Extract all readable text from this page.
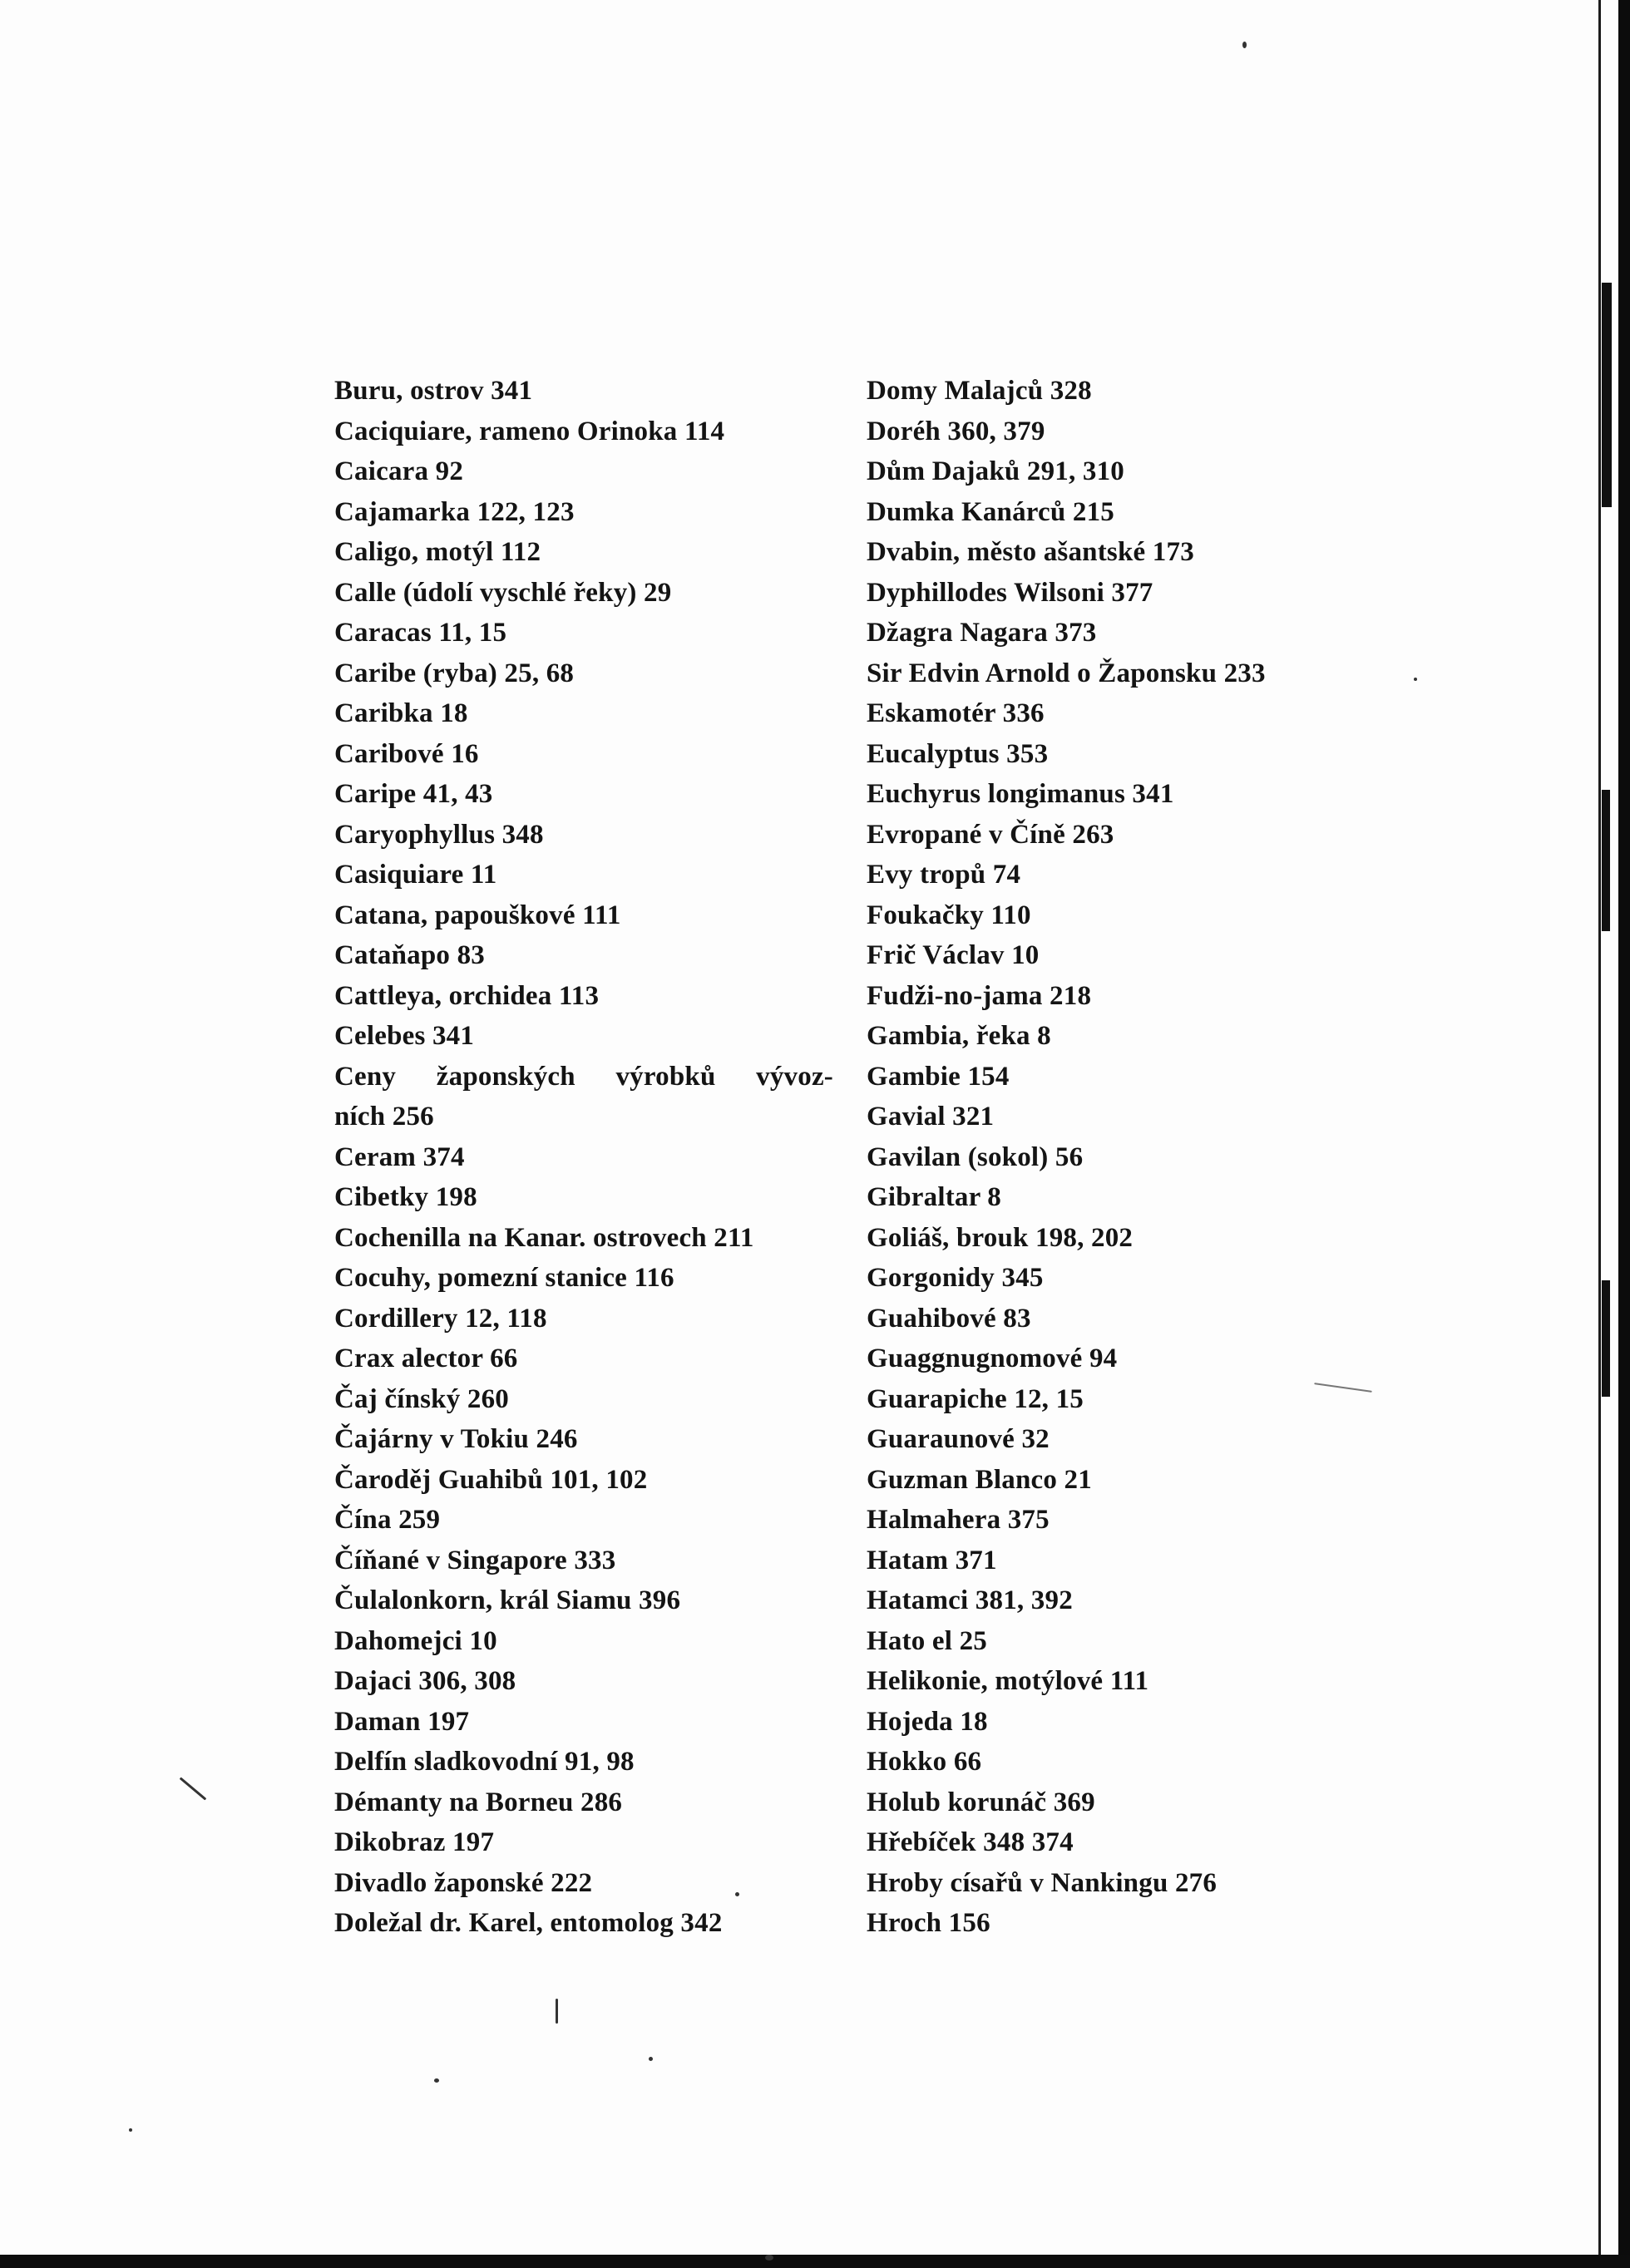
Buru, ostrov 341
Caciquiare, rameno Orinoka 114
Caicara 92
Cajamarka 122, 123
Caligo, motýl 112
Calle (údolí vyschlé řeky) 29
Caracas 11, 15
Caribe (ryba) 25, 68
Caribka 18
Caribové 16
Caripe 41, 43
Caryophyllus 348
Casiquiare 11
Catana, papouškové 111
Cataňapo 83
Cattleya, orchidea 113
Celebes 341
Ceny žaponských výrobků vývoz-
ních 256
Ceram 374
Cibetky 198
Cochenilla na Kanar. ostrovech 211
Cocuhy, pomezní stanice 116
Cordillery 12, 118
Crax alector 66
Čaj čínský 260
Čajárny v Tokiu 246
Čaroděj Guahibů 101, 102
Čína 259
Číňané v Singapore 333
Čulalonkorn, král Siamu 396
Dahomejci 10
Dajaci 306, 308
Daman 197
Delfín sladkovodní 91, 98
Démanty na Borneu 286
Dikobraz 197
Divadlo žaponské 222
Doležal dr. Karel, entomolog 342
Domy Malajců 328
Doréh 360, 379
Dům Dajaků 291, 310
Dumka Kanárců 215
Dvabin, město ašantské 173
Dyphillodes Wilsoni 377
Džagra Nagara 373
Sir Edvin Arnold o Žaponsku 233
Eskamotér 336
Eucalyptus 353
Euchyrus longimanus 341
Evropané v Číně 263
Evy tropů 74
Foukačky 110
Frič Václav 10
Fudži-no-jama 218
Gambia, řeka 8
Gambie 154
Gavial 321
Gavilan (sokol) 56
Gibraltar 8
Goliáš, brouk 198, 202
Gorgonidy 345
Guahibové 83
Guaggnugnomové 94
Guarapiche 12, 15
Guaraunové 32
Guzman Blanco 21
Halmahera 375
Hatam 371
Hatamci 381, 392
Hato el 25
Helikonie, motýlové 111
Hojeda 18
Hokko 66
Holub korunáč 369
Hřebíček 348 374
Hroby císařů v Nankingu 276
Hroch 156
